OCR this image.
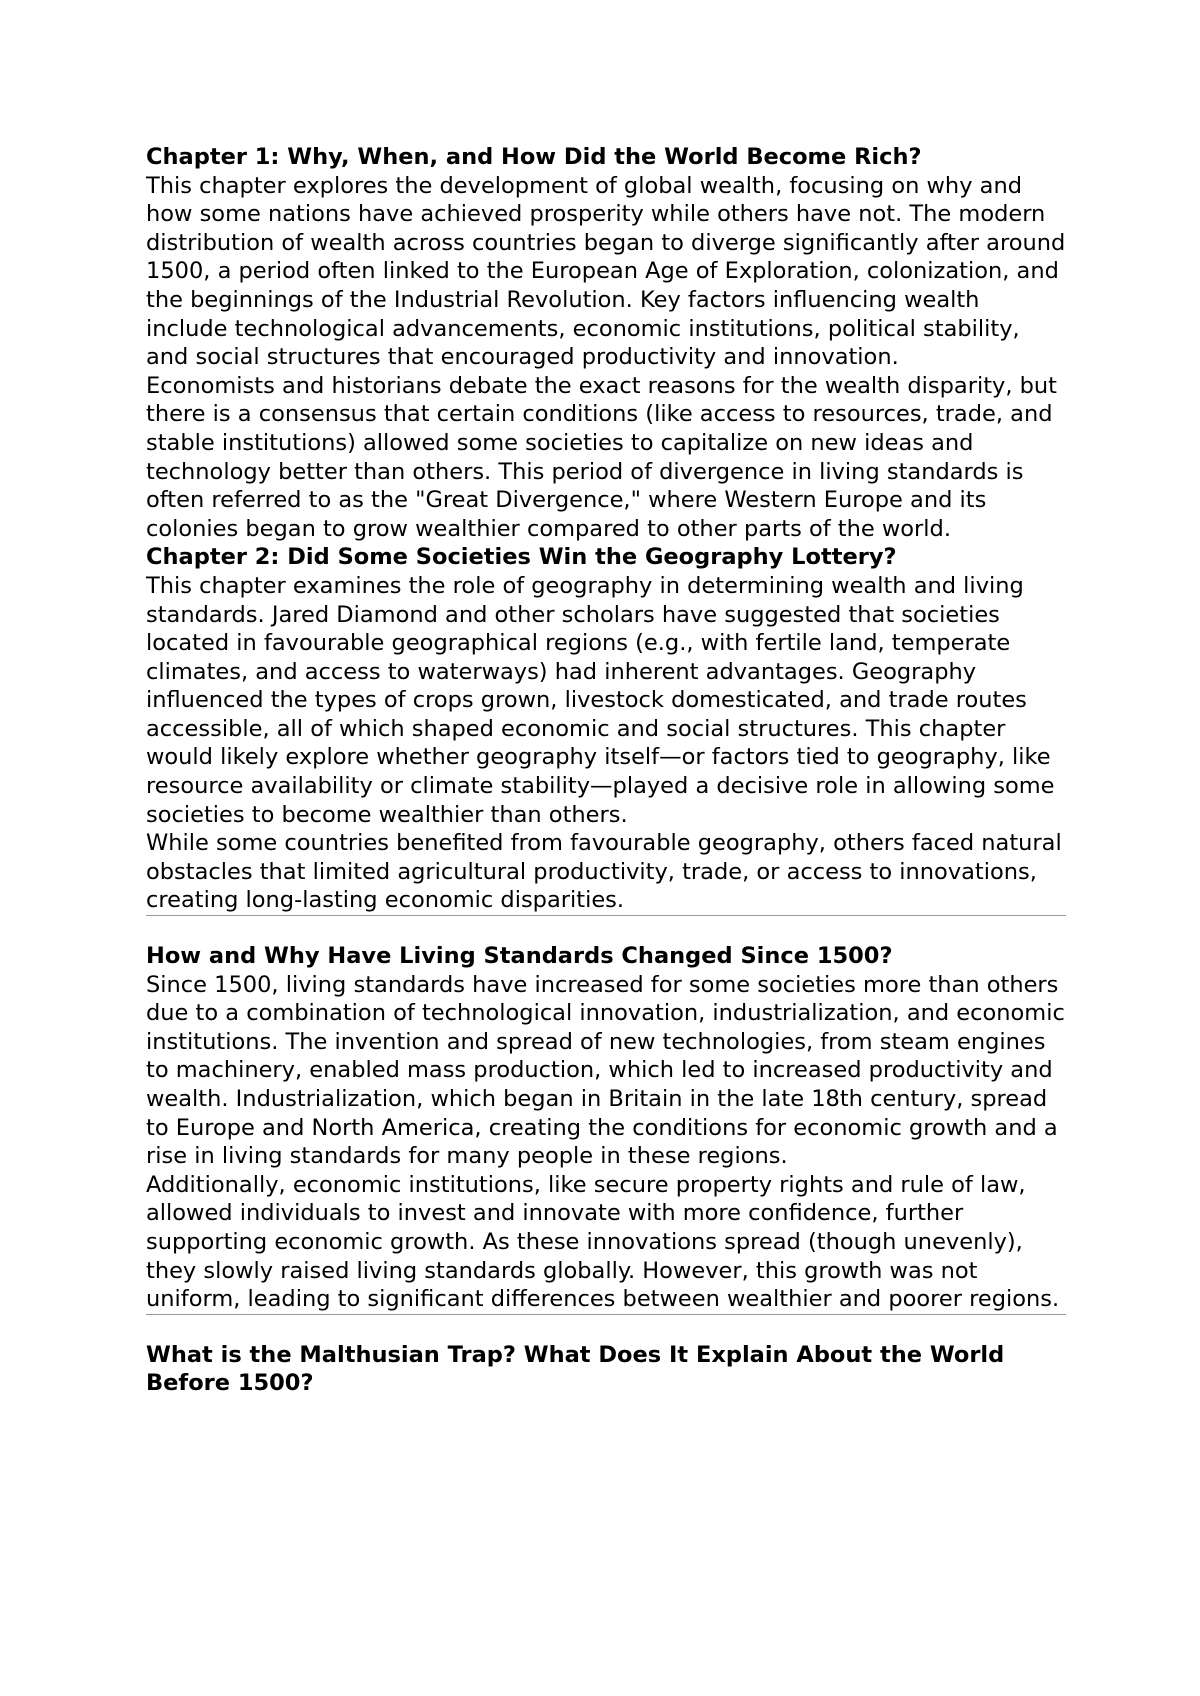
Chapter 1: Why, When, and How Did the World Become Rich?

This chapter explores the development of global wealth, focusing on why and how some nations have achieved prosperity while others have not. The modern distribution of wealth across countries began to diverge significantly after around 1500, a period often linked to the European Age of Exploration, colonization, and the beginnings of the Industrial Revolution. Key factors influencing wealth include technological advancements, economic institutions, political stability, and social structures that encouraged productivity and innovation.

Economists and historians debate the exact reasons for the wealth disparity, but there is a consensus that certain conditions (like access to resources, trade, and stable institutions) allowed some societies to capitalize on new ideas and technology better than others. This period of divergence in living standards is often referred to as the "Great Divergence," where Western Europe and its colonies began to grow wealthier compared to other parts of the world.

Chapter 2: Did Some Societies Win the Geography Lottery?

This chapter examines the role of geography in determining wealth and living standards. Jared Diamond and other scholars have suggested that societies located in favourable geographical regions (e.g., with fertile land, temperate climates, and access to waterways) had inherent advantages. Geography influenced the types of crops grown, livestock domesticated, and trade routes accessible, all of which shaped economic and social structures. This chapter would likely explore whether geography itself—or factors tied to geography, like resource availability or climate stability—played a decisive role in allowing some societies to become wealthier than others.

While some countries benefited from favourable geography, others faced natural obstacles that limited agricultural productivity, trade, or access to innovations, creating long-lasting economic disparities.

How and Why Have Living Standards Changed Since 1500?

Since 1500, living standards have increased for some societies more than others due to a combination of technological innovation, industrialization, and economic institutions. The invention and spread of new technologies, from steam engines to machinery, enabled mass production, which led to increased productivity and wealth. Industrialization, which began in Britain in the late 18th century, spread to Europe and North America, creating the conditions for economic growth and a rise in living standards for many people in these regions.

Additionally, economic institutions, like secure property rights and rule of law, allowed individuals to invest and innovate with more confidence, further supporting economic growth. As these innovations spread (though unevenly), they slowly raised living standards globally. However, this growth was not uniform, leading to significant differences between wealthier and poorer regions.

What is the Malthusian Trap? What Does It Explain About the World Before 1500?
